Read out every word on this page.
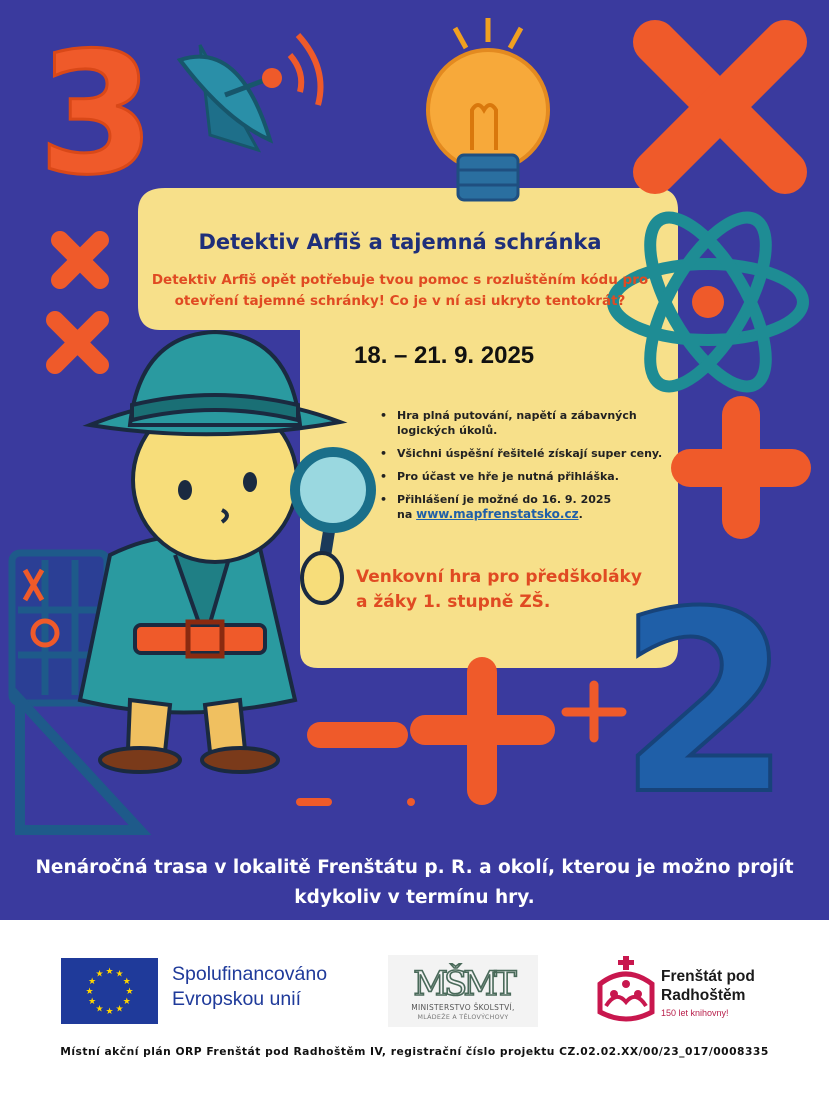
3
2
Detektiv Arfiš a tajemná schránka
Detektiv Arfiš opět potřebuje tvou pomoc s rozluštěním kódu pro otevření tajemné schránky! Co je v ní asi ukryto tentokrát?
18. – 21. 9. 2025
• Hra plná putování, napětí a zábavných logických úkolů.
• Všichni úspěšní řešitelé získají super ceny.
• Pro účast ve hře je nutná přihláška.
• Přihlášení je možné do 16. 9. 2025
na www.mapfrenstatsko.cz.
Venkovní hra pro předškoláky
a žáky 1. stupně ZŠ.
Nenáročná trasa v lokalitě Frenštátu p. R. a okolí, kterou je možno projít
kdykoliv v termínu hry.
★
★
★
★
★
★
★
★
★ ★ ★
★ Spolufinancováno
Evropskou unií	MŠMT
MINISTERSTVO ŠKOLSTVÍ,
MLÁDEŽE A TĚLOVÝCHOVY
Frenštát pod
Radhoštěm
150 let knihovny!
Místní akční plán ORP Frenštát pod Radhoštěm IV, registrační číslo projektu CZ.02.02.XX/00/23_017/0008335
